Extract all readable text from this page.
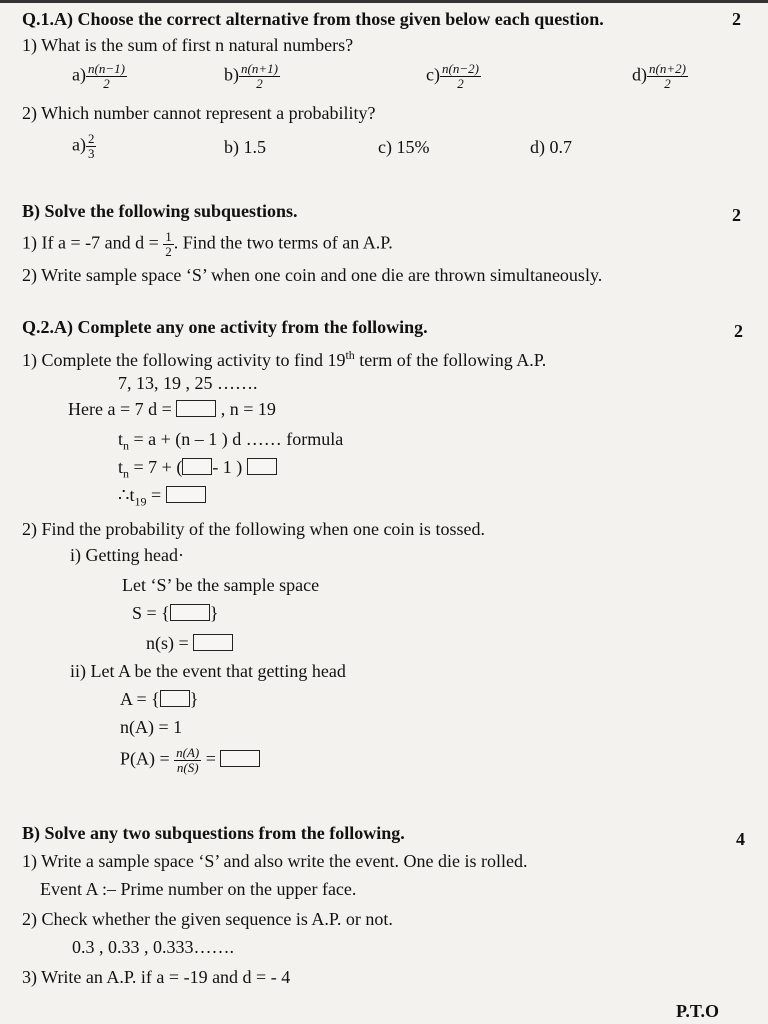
Q.1.A) Choose the correct alternative from those given below each question.	2
1) What is the sum of first n natural numbers?
$a) \frac{n(n-1)}{2}$	$b) \frac{n(n+1)}{2}$	$c) \frac{n(n-2)}{2}$	$d) \frac{n(n+2)}{2}$
2) Which number cannot represent a probability?
$a) \frac{2}{3}$	b) 1.5	c) 15%	d) 0.7
B) Solve the following subquestions.	2
1) If a = -7 and $d = \frac{1}{2}$ . Find the two terms of an A.P.
2) Write sample space ‘S’ when one coin and one die are thrown simultaneously.
Q.2.A) Complete any one activity from the following.	2
1) Complete the following activity to find 19th term of the following A.P.
7, 13, 19 , 25 …….
Here a = 7 d =	, n = 19
$t_n = a + (n - 1$ ) d …… formula
$t_n = 7$ + ( - 1 )
$\therefore t_{19}$ =
2) Find the probability of the following when one coin is tossed.
i) Getting head·
Let ‘S’ be the sample space
S = { }
n(s) =
ii) Let A be the event that getting head
A = { }
n(A) = 1
$P(A) = \frac{n(A)}{n(S)}$ =
B) Solve any two subquestions from the following.	4
1) Write a sample space ‘S’ and also write the event. One die is rolled.
Event A :– Prime number on the upper face.
2) Check whether the given sequence is A.P. or not.
0.3 , 0.33 , 0.333…….
3) Write an A.P. if a = -19 and d = - 4
P.T.O
